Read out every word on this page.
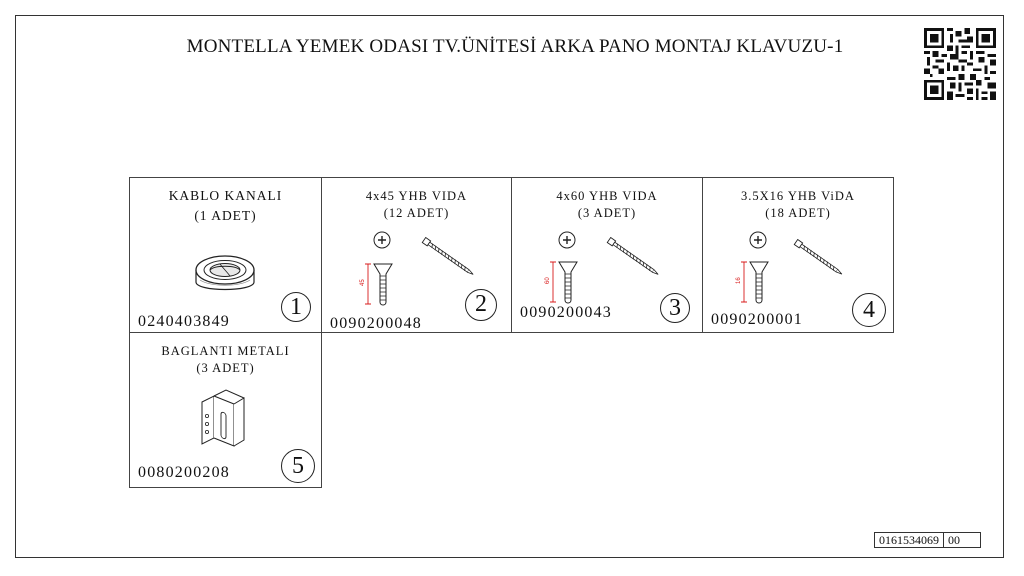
MONTELLA YEMEK ODASI TV.ÜNİTESİ ARKA PANO MONTAJ KLAVUZU-1
KABLO KANALI
(1 ADET)
0240403849
1
4x45 YHB VIDA
(12 ADET)
45
0090200048
2
4x60 YHB VIDA
(3 ADET)
60
0090200043	3
3.5X16 YHB ViDA
(18 ADET)
16
0090200001	4
BAGLANTI METALI
(3 ADET)
0080200208	5
0161534069 00
